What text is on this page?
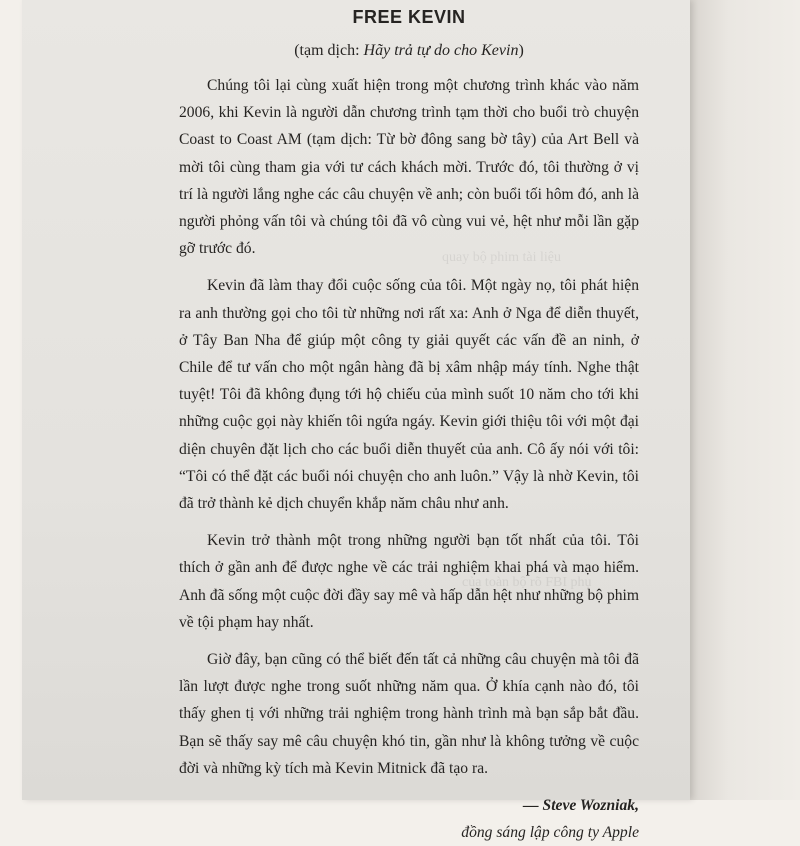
quay bộ phim tài liệu
của toàn bộ rõ FBI phụ
FREE KEVIN
(tạm dịch: Hãy trả tự do cho Kevin)

Chúng tôi lại cùng xuất hiện trong một chương trình khác vào năm 2006, khi Kevin là người dẫn chương trình tạm thời cho buổi trò chuyện Coast to Coast AM (tạm dịch: Từ bờ đông sang bờ tây) của Art Bell và mời tôi cùng tham gia với tư cách khách mời. Trước đó, tôi thường ở vị trí là người lắng nghe các câu chuyện về anh; còn buổi tối hôm đó, anh là người phỏng vấn tôi và chúng tôi đã vô cùng vui vẻ, hệt như mỗi lần gặp gỡ trước đó.

Kevin đã làm thay đổi cuộc sống của tôi. Một ngày nọ, tôi phát hiện ra anh thường gọi cho tôi từ những nơi rất xa: Anh ở Nga để diễn thuyết, ở Tây Ban Nha để giúp một công ty giải quyết các vấn đề an ninh, ở Chile để tư vấn cho một ngân hàng đã bị xâm nhập máy tính. Nghe thật tuyệt! Tôi đã không đụng tới hộ chiếu của mình suốt 10 năm cho tới khi những cuộc gọi này khiến tôi ngứa ngáy. Kevin giới thiệu tôi với một đại diện chuyên đặt lịch cho các buổi diễn thuyết của anh. Cô ấy nói với tôi: “Tôi có thể đặt các buổi nói chuyện cho anh luôn.” Vậy là nhờ Kevin, tôi đã trở thành kẻ dịch chuyển khắp năm châu như anh.

Kevin trở thành một trong những người bạn tốt nhất của tôi. Tôi thích ở gần anh để được nghe về các trải nghiệm khai phá và mạo hiểm. Anh đã sống một cuộc đời đầy say mê và hấp dẫn hệt như những bộ phim về tội phạm hay nhất.

Giờ đây, bạn cũng có thể biết đến tất cả những câu chuyện mà tôi đã lần lượt được nghe trong suốt những năm qua. Ở khía cạnh nào đó, tôi thấy ghen tị với những trải nghiệm trong hành trình mà bạn sắp bắt đầu. Bạn sẽ thấy say mê câu chuyện khó tin, gần như là không tưởng về cuộc đời và những kỳ tích mà Kevin Mitnick đã tạo ra.

— Steve Wozniak,
đồng sáng lập công ty Apple
